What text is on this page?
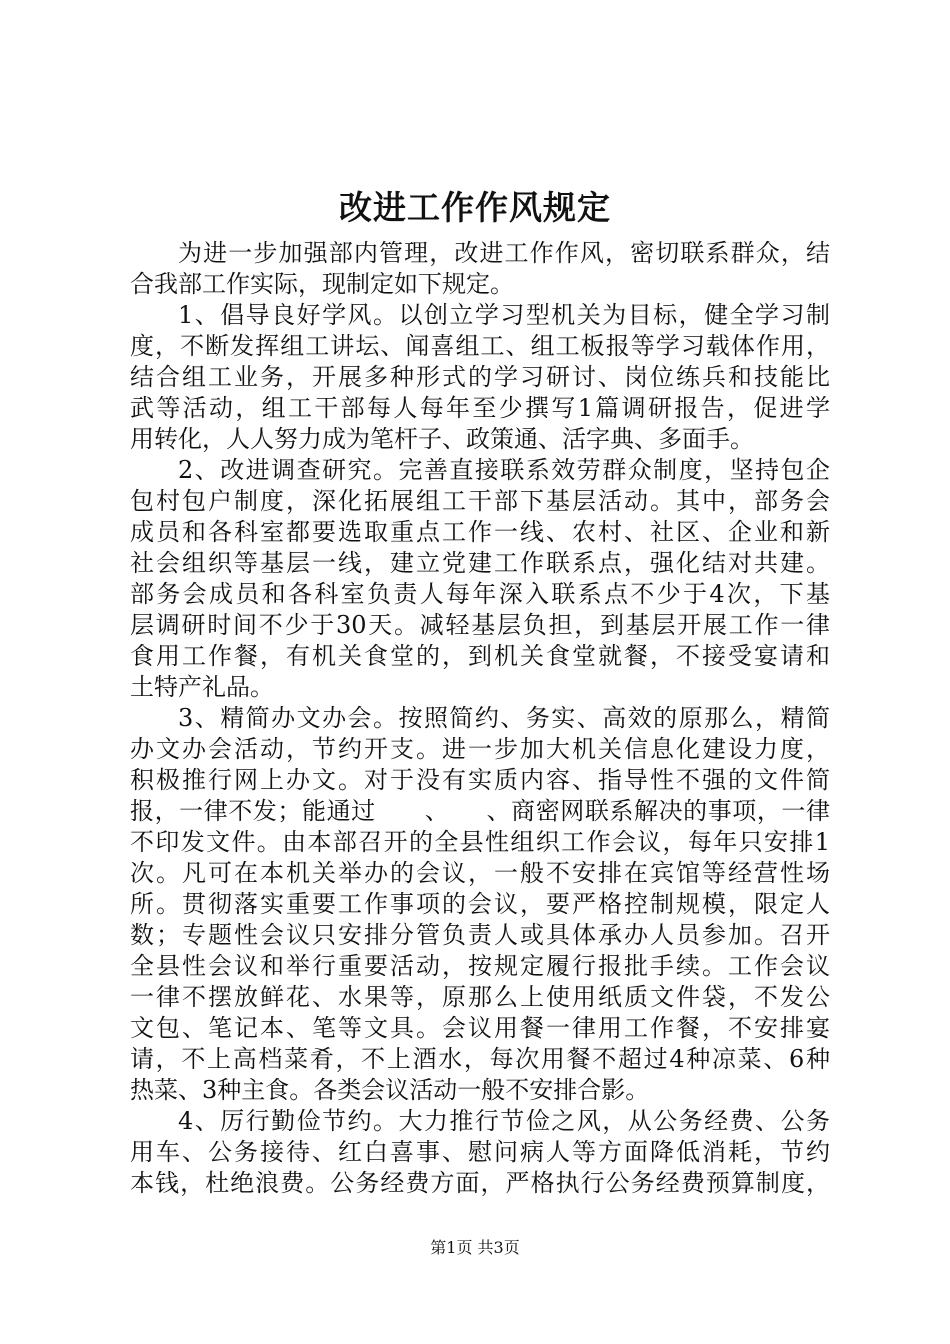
改进工作作风规定
为进一步加强部内管理，改进工作作风，密切联系群众，结
合我部工作实际，现制定如下规定。
1、倡导良好学风。以创立学习型机关为目标，健全学习制
度，不断发挥组工讲坛、闻喜组工、组工板报等学习载体作用，
结合组工业务，开展多种形式的学习研讨、岗位练兵和技能比
武等活动，组工干部每人每年至少撰写1篇调研报告，促进学
用转化，人人努力成为笔杆子、政策通、活字典、多面手。
2、改进调查研究。完善直接联系效劳群众制度，坚持包企
包村包户制度，深化拓展组工干部下基层活动。其中，部务会
成员和各科室都要选取重点工作一线、农村、社区、企业和新
社会组织等基层一线，建立党建工作联系点，强化结对共建。
部务会成员和各科室负责人每年深入联系点不少于4次，下基
层调研时间不少于30天。减轻基层负担，到基层开展工作一律
食用工作餐，有机关食堂的，到机关食堂就餐，不接受宴请和
土特产礼品。
3、精简办文办会。按照简约、务实、高效的原那么，精简
办文办会活动，节约开支。进一步加大机关信息化建设力度，
积极推行网上办文。对于没有实质内容、指导性不强的文件简
报，一律不发；能通过　　、　　、商密网联系解决的事项，一律
不印发文件。由本部召开的全县性组织工作会议，每年只安排1
次。凡可在本机关举办的会议，一般不安排在宾馆等经营性场
所。贯彻落实重要工作事项的会议，要严格控制规模，限定人
数；专题性会议只安排分管负责人或具体承办人员参加。召开
全县性会议和举行重要活动，按规定履行报批手续。工作会议
一律不摆放鲜花、水果等，原那么上使用纸质文件袋，不发公
文包、笔记本、笔等文具。会议用餐一律用工作餐，不安排宴
请，不上高档菜肴，不上酒水，每次用餐不超过4种凉菜、6种
热菜、3种主食。各类会议活动一般不安排合影。
4、厉行勤俭节约。大力推行节俭之风，从公务经费、公务
用车、公务接待、红白喜事、慰问病人等方面降低消耗，节约
本钱，杜绝浪费。公务经费方面，严格执行公务经费预算制度，
第1页 共3页
